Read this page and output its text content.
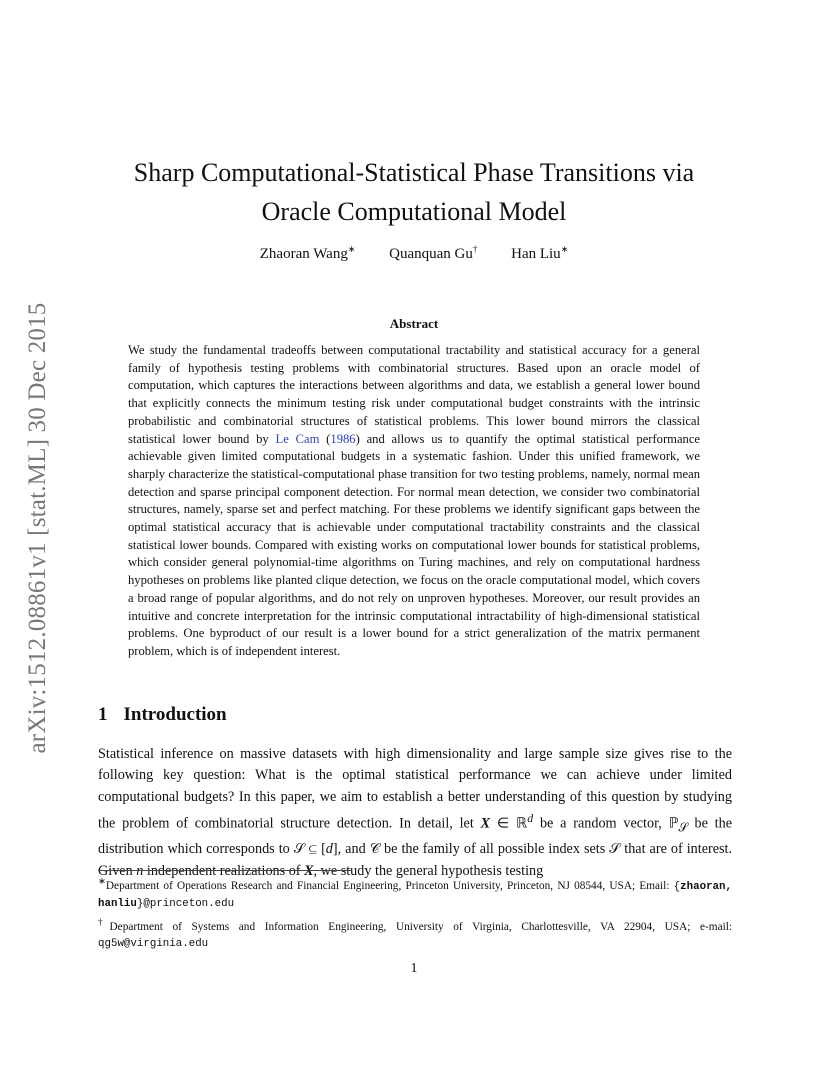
arXiv:1512.08861v1 [stat.ML] 30 Dec 2015
Sharp Computational-Statistical Phase Transitions via
Oracle Computational Model
Zhaoran Wang∗ Quanquan Gu† Han Liu∗
Abstract
We study the fundamental tradeoffs between computational tractability and statistical accuracy for a general family of hypothesis testing problems with combinatorial structures. Based upon an oracle model of computation, which captures the interactions between algorithms and data, we establish a general lower bound that explicitly connects the minimum testing risk under computational budget constraints with the intrinsic probabilistic and combinatorial structures of statistical problems. This lower bound mirrors the classical statistical lower bound by Le Cam (1986) and allows us to quantify the optimal statistical performance achievable given limited computational budgets in a systematic fashion. Under this unified framework, we sharply characterize the statistical-computational phase transition for two testing problems, namely, normal mean detection and sparse principal component detection. For normal mean detection, we consider two combinatorial structures, namely, sparse set and perfect matching. For these problems we identify significant gaps between the optimal statistical accuracy that is achievable under computational tractability constraints and the classical statistical lower bounds. Compared with existing works on computational lower bounds for statistical problems, which consider general polynomial-time algorithms on Turing machines, and rely on computational hardness hypotheses on problems like planted clique detection, we focus on the oracle computational model, which covers a broad range of popular algorithms, and do not rely on unproven hypotheses. Moreover, our result provides an intuitive and concrete interpretation for the intrinsic computational intractability of high-dimensional statistical problems. One byproduct of our result is a lower bound for a strict generalization of the matrix permanent problem, which is of independent interest.
1 Introduction
Statistical inference on massive datasets with high dimensionality and large sample size gives rise to the following key question: What is the optimal statistical performance we can achieve under limited computational budgets? In this paper, we aim to establish a better understanding of this question by studying the problem of combinatorial structure detection. In detail, let X ∈ ℝ$^d$ be a random vector, ℙ$_𝒮$ be the distribution which corresponds to 𝒮 ⊆ [d], and 𝒞 be the family of all possible index sets 𝒮 that are of interest. Given n independent realizations of X, we study the general hypothesis testing

∗Department of Operations Research and Financial Engineering, Princeton University, Princeton, NJ 08544, USA; Email: {zhaoran, hanliu}@princeton.edu

†Department of Systems and Information Engineering, University of Virginia, Charlottesville, VA 22904, USA; e-mail: qg5w@virginia.edu

1
